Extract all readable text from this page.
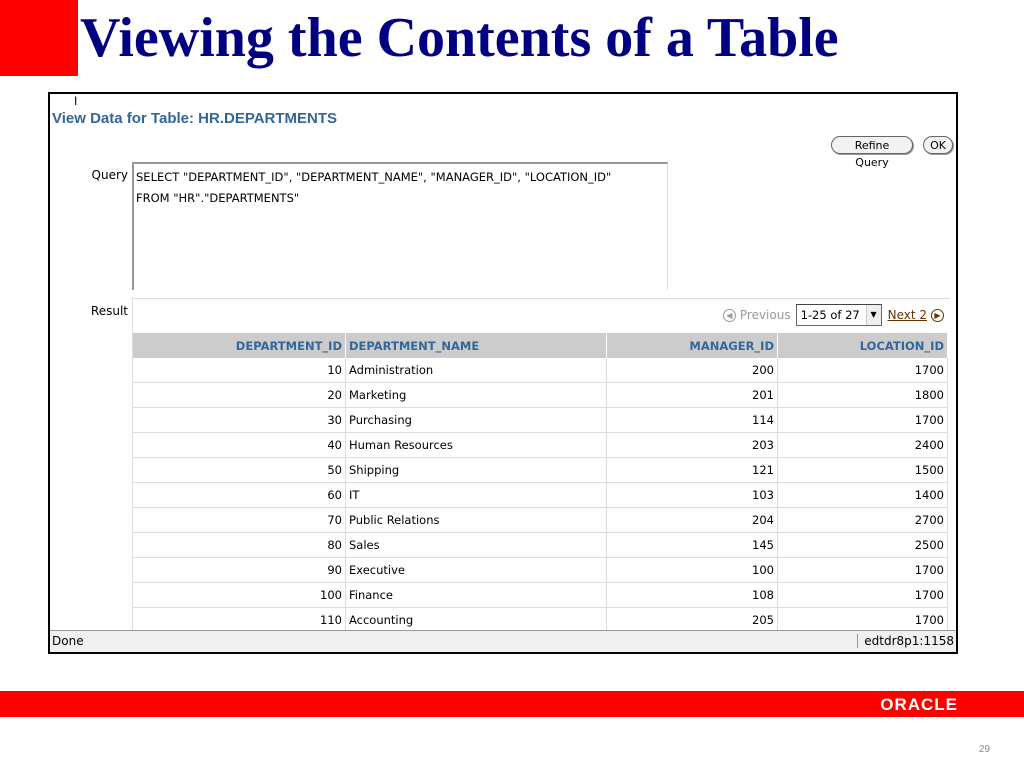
Viewing the Contents of a Table
I
View Data for Table: HR.DEPARTMENTS
Refine Query
OK
Query SELECT "DEPARTMENT_ID", "DEPARTMENT_NAME", "MANAGER_ID", "LOCATION_ID"
FROM "HR"."DEPARTMENTS"
Result	◀ Previous 1-25 of 27	▼ Next 2 ▶
DEPARTMENT_ID	DEPARTMENT_NAME	MANAGER_ID	LOCATION_ID
10	Administration	200	1700
20	Marketing	201	1800
30	Purchasing	114	1700
40	Human Resources	203	2400
50	Shipping	121	1500
60	IT	103	1400
70	Public Relations	204	2700
80	Sales	145	2500
90	Executive	100	1700
100	Finance	108	1700
110	Accounting	205	1700
Done	edtdr8p1:1158
ORACLE
29
